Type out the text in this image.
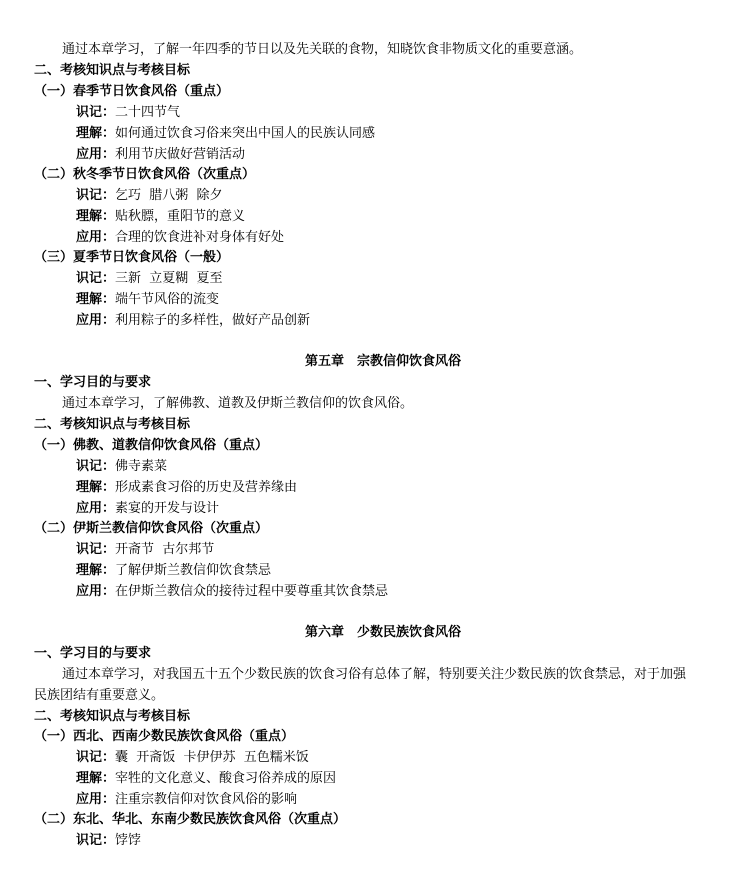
通过本章学习，了解一年四季的节日以及先关联的食物，知晓饮食非物质文化的重要意涵。
二、考核知识点与考核目标
（一）春季节日饮食风俗（重点）
识记：二十四节气
理解：如何通过饮食习俗来突出中国人的民族认同感
应用：利用节庆做好营销活动
（二）秋冬季节日饮食风俗（次重点）
识记：乞巧  腊八粥  除夕
理解：贴秋膘，重阳节的意义
应用：合理的饮食进补对身体有好处
（三）夏季节日饮食风俗（一般）
识记：三新  立夏糊  夏至
理解：端午节风俗的流变
应用：利用粽子的多样性，做好产品创新
第五章　宗教信仰饮食风俗
一、学习目的与要求
通过本章学习，了解佛教、道教及伊斯兰教信仰的饮食风俗。
二、考核知识点与考核目标
（一）佛教、道教信仰饮食风俗（重点）
识记：佛寺素菜
理解：形成素食习俗的历史及营养缘由
应用：素宴的开发与设计
（二）伊斯兰教信仰饮食风俗（次重点）
识记：开斋节  古尔邦节
理解：了解伊斯兰教信仰饮食禁忌
应用：在伊斯兰教信众的接待过程中要尊重其饮食禁忌
第六章　少数民族饮食风俗
一、学习目的与要求
通过本章学习，对我国五十五个少数民族的饮食习俗有总体了解，特别要关注少数民族的饮食禁忌，对于加强
民族团结有重要意义。
二、考核知识点与考核目标
（一）西北、西南少数民族饮食风俗（重点）
识记：囊  开斋饭  卡伊伊苏  五色糯米饭
理解：宰牲的文化意义、酸食习俗养成的原因
应用：注重宗教信仰对饮食风俗的影响
（二）东北、华北、东南少数民族饮食风俗（次重点）
识记：饽饽
